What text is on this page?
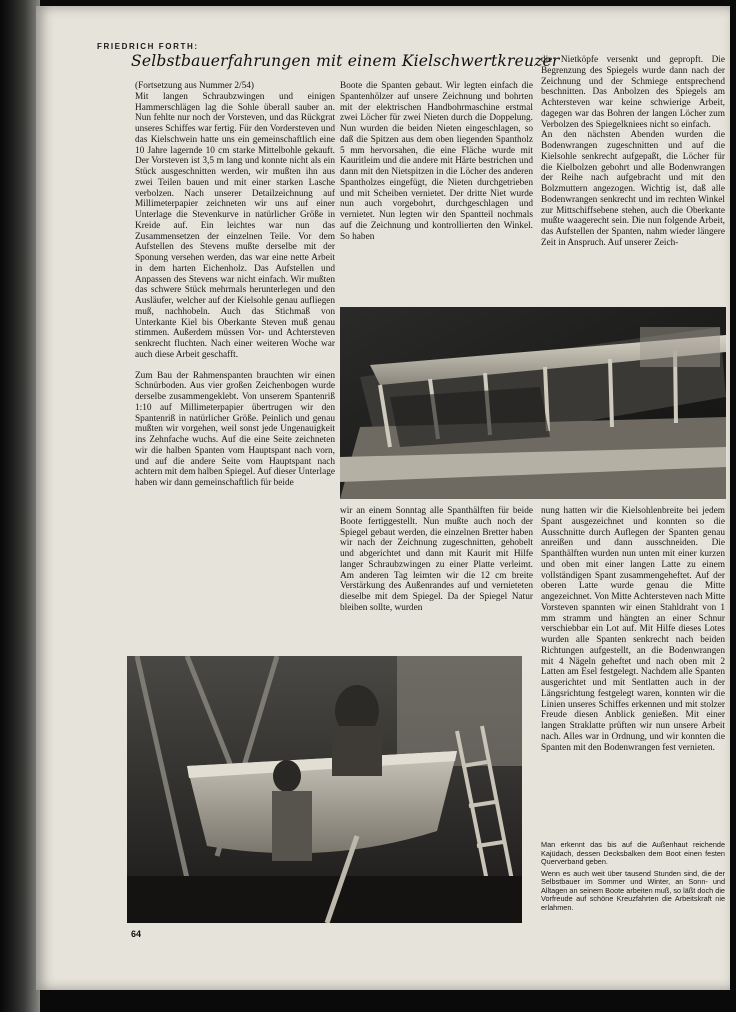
FRIEDRICH FORTH:
Selbstbauerfahrungen mit einem Kielschwertkreuzer

(Fortsetzung aus Nummer 2/54)

Mit langen Schraubzwingen und einigen Hammerschlägen lag die Sohle überall sauber an. Nun fehlte nur noch der Vorsteven, und das Rückgrat unseres Schiffes war fertig. Für den Vordersteven und das Kielschwein hatte uns ein gemeinschaftlich eine 10 Jahre lagernde 10 cm starke Mittelbohle gekauft. Der Vorsteven ist 3,5 m lang und konnte nicht als ein Stück ausgeschnitten werden, wir mußten ihn aus zwei Teilen bauen und mit einer starken Lasche verbolzen. Nach unserer Detailzeichnung auf Millimeterpapier zeichneten wir uns auf einer Unterlage die Stevenkurve in natürlicher Größe in Kreide auf. Ein leichtes war nun das Zusammensetzen der einzelnen Teile. Vor dem Aufstellen des Stevens mußte derselbe mit der Sponung versehen werden, das war eine nette Arbeit in dem harten Eichenholz. Das Aufstellen und Anpassen des Stevens war nicht einfach. Wir mußten das schwere Stück mehrmals herunterlegen und den Ausläufer, welcher auf der Kielsohle genau aufliegen muß, nachhobeln. Auch das Stichmaß von Unterkante Kiel bis Oberkante Steven muß genau stimmen. Außerdem müssen Vor- und Achtersteven senkrecht fluchten. Nach einer weiteren Woche war auch diese Arbeit geschafft.

Zum Bau der Rahmenspanten brauchten wir einen Schnürboden. Aus vier großen Zeichenbogen wurde derselbe zusammengeklebt. Von unserem Spantenriß 1:10 auf Millimeterpapier übertrugen wir den Spantenriß in natürlicher Größe. Peinlich und genau mußten wir vorgehen, weil sonst jede Ungenauigkeit ins Zehnfache wuchs. Auf die eine Seite zeichneten wir die halben Spanten vom Hauptspant nach vorn, und auf die andere Seite vom Hauptspant nach achtern mit dem halben Spiegel. Auf dieser Unterlage haben wir dann gemeinschaftlich für beide

Boote die Spanten gebaut. Wir legten einfach die Spantenhölzer auf unsere Zeichnung und bohrten mit der elektrischen Handbohrmaschine erstmal zwei Löcher für zwei Nieten durch die Doppelung. Nun wurden die beiden Nieten eingeschlagen, so daß die Spitzen aus dem oben liegenden Spantholz 5 mm hervorsahen, die eine Fläche wurde mit Kauritleim und die andere mit Härte bestrichen und dann mit den Nietspitzen in die Löcher des anderen Spantholzes eingefügt, die Nieten durchgetrieben und mit Scheiben vernietet. Der dritte Niet wurde nun auch vorgebohrt, durchgeschlagen und vernietet. Nun legten wir den Spantteil nochmals auf die Zeichnung und kontrollierten den Winkel. So haben

die Nietköpfe versenkt und gepropft. Die Begrenzung des Spiegels wurde dann nach der Zeichnung und der Schmiege entsprechend beschnitten. Das Anbolzen des Spiegels am Achtersteven war keine schwierige Arbeit, dagegen war das Bohren der langen Löcher zum Verbolzen des Spiegelkniees nicht so einfach.

An den nächsten Abenden wurden die Bodenwrangen zugeschnitten und auf die Kielsohle senkrecht aufgepaßt, die Löcher für die Kielbolzen gebohrt und alle Bodenwrangen der Reihe nach aufgebracht und mit den Bolzmuttern angezogen. Wichtig ist, daß alle Bodenwrangen senkrecht und im rechten Winkel zur Mittschiffsebene stehen, auch die Oberkante mußte waagerecht sein. Die nun folgende Arbeit, das Aufstellen der Spanten, nahm wieder längere Zeit in Anspruch. Auf unserer Zeich-

wir an einem Sonntag alle Spanthälften für beide Boote fertiggestellt. Nun mußte auch noch der Spiegel gebaut werden, die einzelnen Bretter haben wir nach der Zeichnung zugeschnitten, gehobelt und abgerichtet und dann mit Kaurit mit Hilfe langer Schraubzwingen zu einer Platte verleimt. Am anderen Tag leimten wir die 12 cm breite Verstärkung des Außenrandes auf und vernieteten dieselbe mit dem Spiegel. Da der Spiegel Natur bleiben sollte, wurden

nung hatten wir die Kielsohlenbreite bei jedem Spant ausgezeichnet und konnten so die Ausschnitte durch Auflegen der Spanten genau anreißen und dann ausschneiden. Die Spanthälften wurden nun unten mit einer kurzen und oben mit einer langen Latte zu einem vollständigen Spant zusammengeheftet. Auf der oberen Latte wurde genau die Mitte angezeichnet. Von Mitte Achtersteven nach Mitte Vorsteven spannten wir einen Stahldraht von 1 mm stramm und hängten an einer Schnur verschiebbar ein Lot auf. Mit Hilfe dieses Lotes wurden alle Spanten senkrecht nach beiden Richtungen aufgestellt, an die Bodenwrangen mit 4 Nägeln geheftet und nach oben mit 2 Latten am Esel festgelegt. Nachdem alle Spanten ausgerichtet und mit Sentlatten auch in der Längsrichtung festgelegt waren, konnten wir die Linien unseres Schiffes erkennen und mit stolzer Freude diesen Anblick genießen. Mit einer langen Straklatte prüften wir nun unsere Arbeit nach. Alles war in Ordnung, und wir konnten die Spanten mit den Bodenwrangen fest vernieten.

Man erkennt das bis auf die Außenhaut reichende Kajüdach, dessen Decksbalken dem Boot einen festen Querverband geben.

Wenn es auch weit über tausend Stunden sind, die der Selbstbauer im Sommer und Winter, an Sonn- und Alltagen an seinem Boote arbeiten muß, so läßt doch die Vorfreude auf schöne Kreuzfahrten die Arbeitskraft nie erlahmen.

64
